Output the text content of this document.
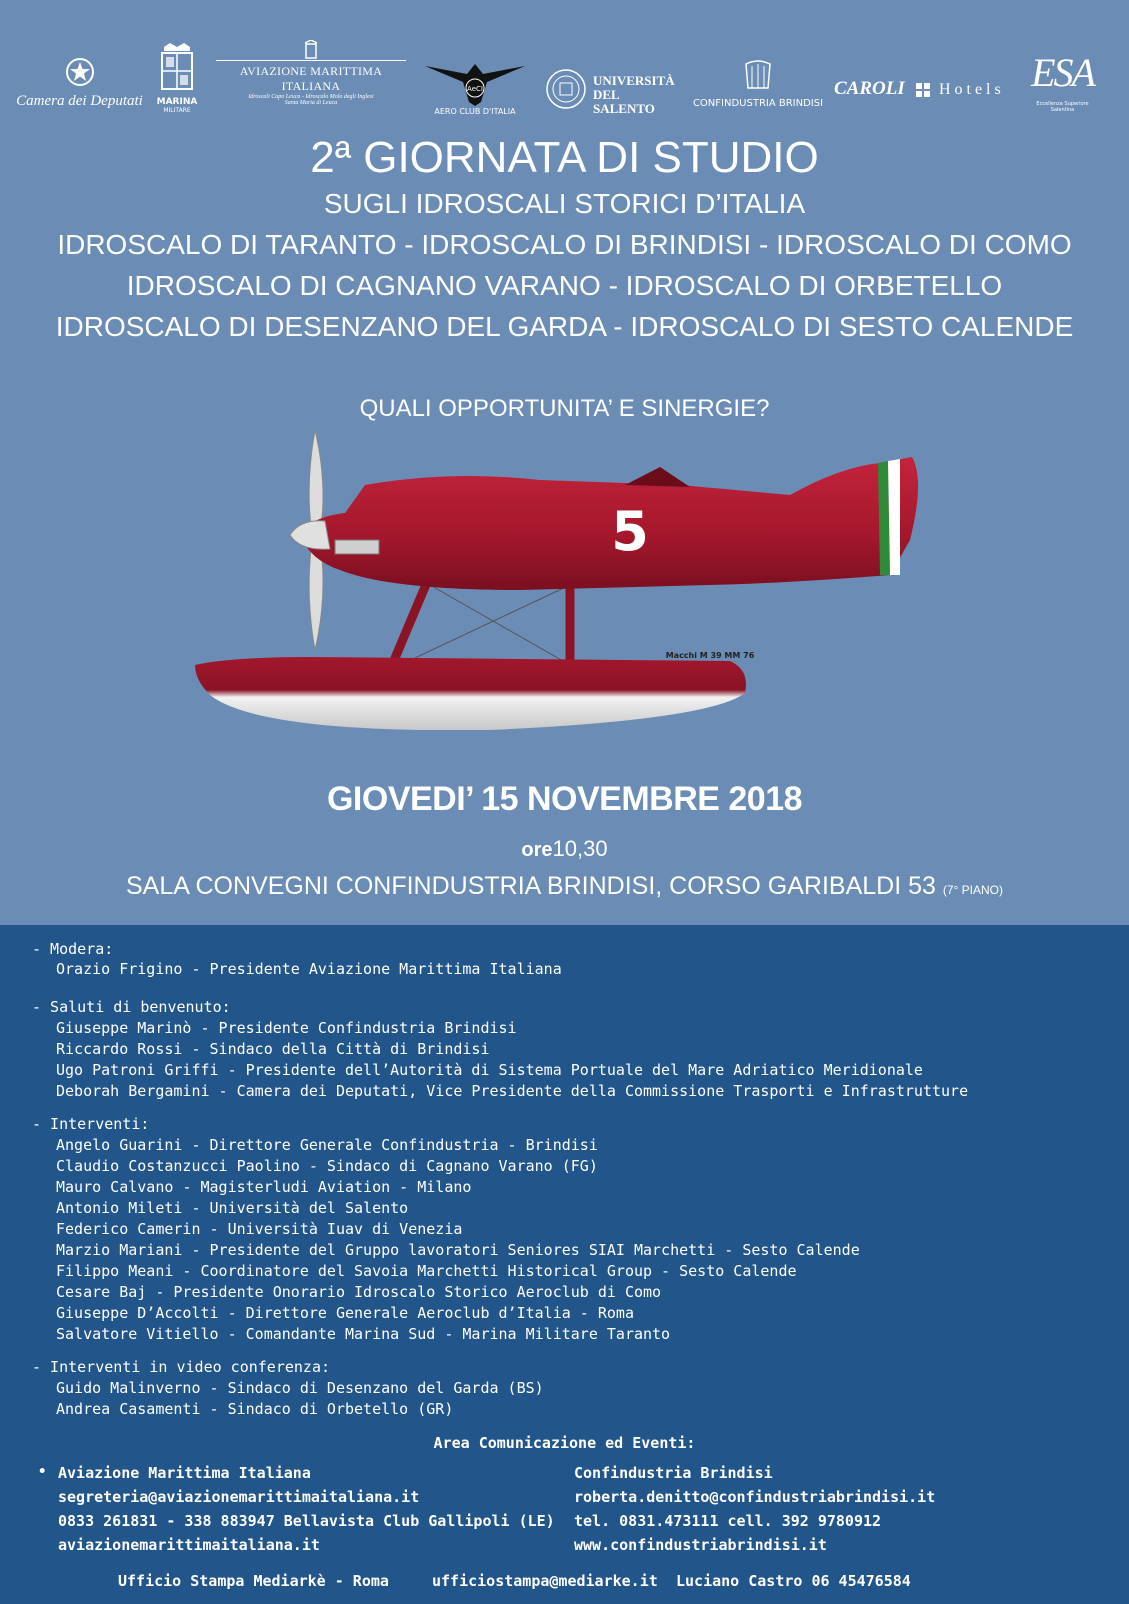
Camera dei Deputati	MARINA
MILITARE
AVIAZIONE MARITTIMA ITALIANA
Idroscali Capo Leuca - Idroscalo Molo degli Inglesi
Santa Maria di Leuca
AeCI
AERO CLUB D'ITALIA
UNIVERSITÀ
DEL SALENTO	CONFINDUSTRIA BRINDISI
CAROLI Hotels ESA
Eccellenza Superiore Salentina
2ª GIORNATA DI STUDIO
SUGLI IDROSCALI STORICI D’ITALIA
IDROSCALO DI TARANTO - IDROSCALO DI BRINDISI - IDROSCALO DI COMO
IDROSCALO DI CAGNANO VARANO - IDROSCALO DI ORBETELLO
IDROSCALO DI DESENZANO DEL GARDA - IDROSCALO DI SESTO CALENDE
QUALI OPPORTUNITA’ E SINERGIE?
5
Macchi M 39 MM 76
GIOVEDI’ 15 NOVEMBRE 2018
ore10,30
SALA CONVEGNI CONFINDUSTRIA BRINDISI, CORSO GARIBALDI 53 (7° PIANO)
- Modera:
Orazio Frigino - Presidente Aviazione Marittima Italiana
- Saluti di benvenuto:
Giuseppe Marinò - Presidente Confindustria Brindisi
Riccardo Rossi - Sindaco della Città di Brindisi
Ugo Patroni Griffi - Presidente dell’Autorità di Sistema Portuale del Mare Adriatico Meridionale
Deborah Bergamini - Camera dei Deputati, Vice Presidente della Commissione Trasporti e Infrastrutture
- Interventi:
Angelo Guarini - Direttore Generale Confindustria - Brindisi
Claudio Costanzucci Paolino - Sindaco di Cagnano Varano (FG)
Mauro Calvano - Magisterludi Aviation - Milano
Antonio Mileti - Università del Salento
Federico Camerin - Università Iuav di Venezia
Marzio Mariani - Presidente del Gruppo lavoratori Seniores SIAI Marchetti - Sesto Calende
Filippo Meani - Coordinatore del Savoia Marchetti Historical Group - Sesto Calende
Cesare Baj - Presidente Onorario Idroscalo Storico Aeroclub di Como
Giuseppe D’Accolti - Direttore Generale Aeroclub d’Italia - Roma
Salvatore Vitiello - Comandante Marina Sud - Marina Militare Taranto
- Interventi in video conferenza:
Guido Malinverno - Sindaco di Desenzano del Garda (BS)
Andrea Casamenti - Sindaco di Orbetello (GR)
Area Comunicazione ed Eventi:
• Aviazione Marittima Italiana
segreteria@aviazionemarittimaitaliana.it
0833 261831 - 338 883947 Bellavista Club Gallipoli (LE)
aviazionemarittimaitaliana.it
Confindustria Brindisi
roberta.denitto@confindustriabrindisi.it
tel. 0831.473111 cell. 392 9780912
www.confindustriabrindisi.it
Ufficio Stampa Mediarkè - Roma	ufficiostampa@mediarke.it Luciano Castro 06 45476584
